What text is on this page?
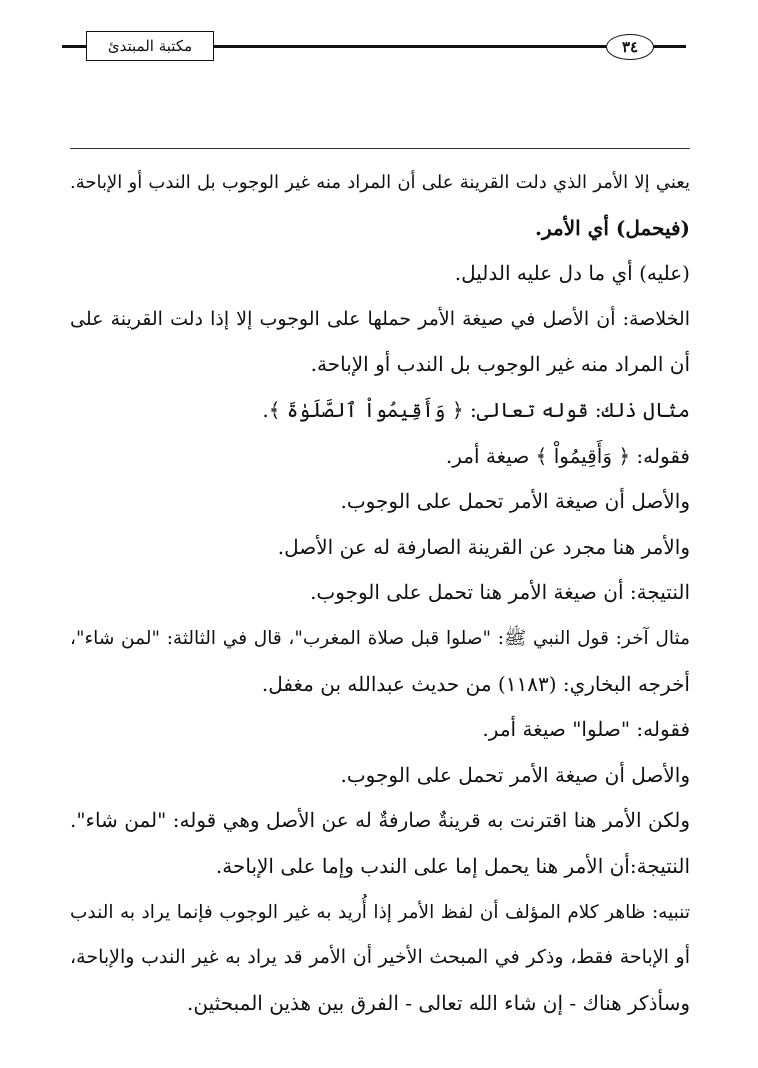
مكتبة المبتدئ	٣٤
يعني إلا الأمر الذي دلت القرينة على أن المراد منه غير الوجوب بل الندب أو الإباحة.
(فيحمل) أي الأمر.
(عليه) أي ما دل عليه الدليل.
الخلاصة: أن الأصل في صيغة الأمر حملها على الوجوب إلا إذا دلت القرينة على
أن المراد منه غير الوجوب بل الندب أو الإباحة.
مثال ذلك: قوله تعالى: ﴿ وَأَقِيمُواْ ٱلصَّلَوٰةَ ﴾.
فقوله: ﴿ وَأَقِيمُواْ ﴾ صيغة أمر.
والأصل أن صيغة الأمر تحمل على الوجوب.
والأمر هنا مجرد عن القرينة الصارفة له عن الأصل.
النتيجة: أن صيغة الأمر هنا تحمل على الوجوب.
مثال آخر: قول النبي ﷺ: "صلوا قبل صلاة المغرب"، قال في الثالثة: "لمن شاء"،
أخرجه البخاري: (١١٨٣) من حديث عبدالله بن مغفل.
فقوله: "صلوا" صيغة أمر.
والأصل أن صيغة الأمر تحمل على الوجوب.
ولكن الأمر هنا اقترنت به قرينةٌ صارفةٌ له عن الأصل وهي قوله: "لمن شاء".
النتيجة:أن الأمر هنا يحمل إما على الندب وإما على الإباحة.
تنبيه: ظاهر كلام المؤلف أن لفظ الأمر إذا أُريد به غير الوجوب فإنما يراد به الندب
أو الإباحة فقط، وذكر في المبحث الأخير أن الأمر قد يراد به غير الندب والإباحة،
وسأذكر هناك - إن شاء الله تعالى - الفرق بين هذين المبحثين.
